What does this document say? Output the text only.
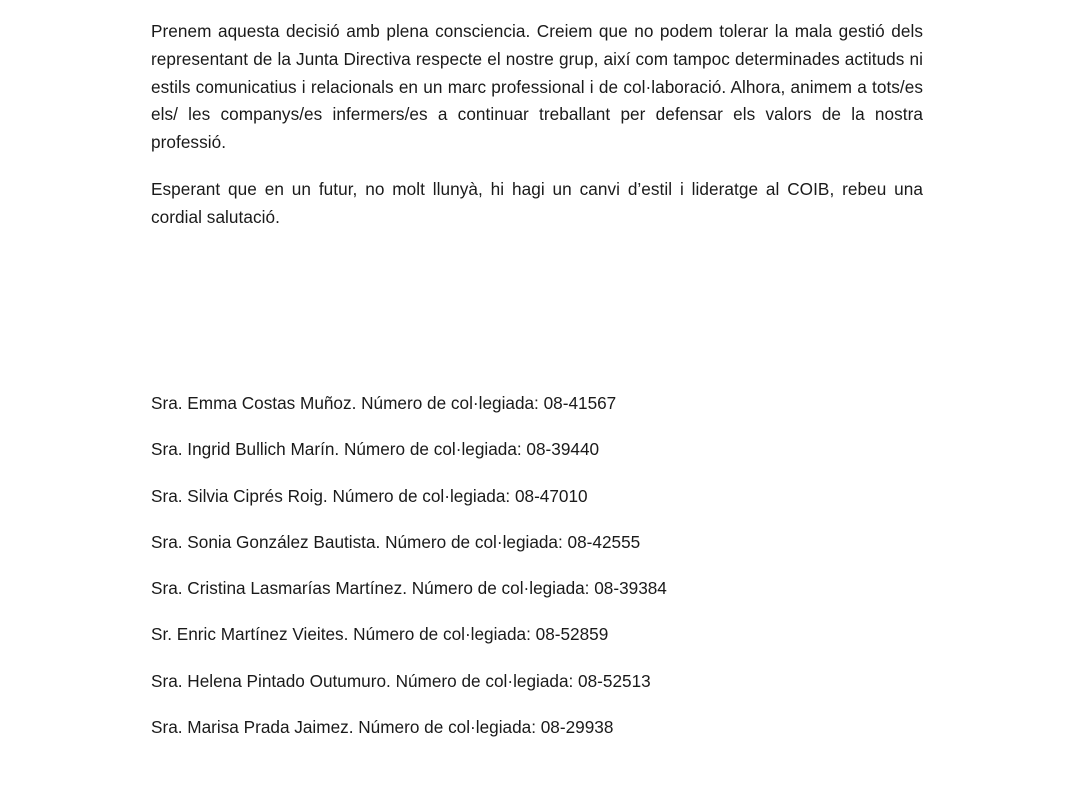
Prenem aquesta decisió amb plena consciencia. Creiem que no podem tolerar la mala gestió dels representant de la Junta Directiva respecte el nostre grup, així com tampoc determinades actituds ni estils comunicatius i relacionals en un marc professional i de col·laboració. Alhora, animem a tots/es els/ les companys/es infermers/es a continuar treballant per defensar els valors de la nostra professió.

Esperant que en un futur, no molt llunyà, hi hagi un canvi d’estil i lideratge al COIB, rebeu una cordial salutació.

Sra. Emma Costas Muñoz. Número de col·legiada: 08-41567
Sra. Ingrid Bullich Marín. Número de col·legiada: 08-39440
Sra. Silvia Ciprés Roig. Número de col·legiada: 08-47010
Sra. Sonia González Bautista. Número de col·legiada: 08-42555
Sra. Cristina Lasmarías Martínez. Número de col·legiada: 08-39384
Sr. Enric Martínez Vieites. Número de col·legiada: 08-52859
Sra. Helena Pintado Outumuro. Número de col·legiada: 08-52513
Sra. Marisa Prada Jaimez. Número de col·legiada: 08-29938
